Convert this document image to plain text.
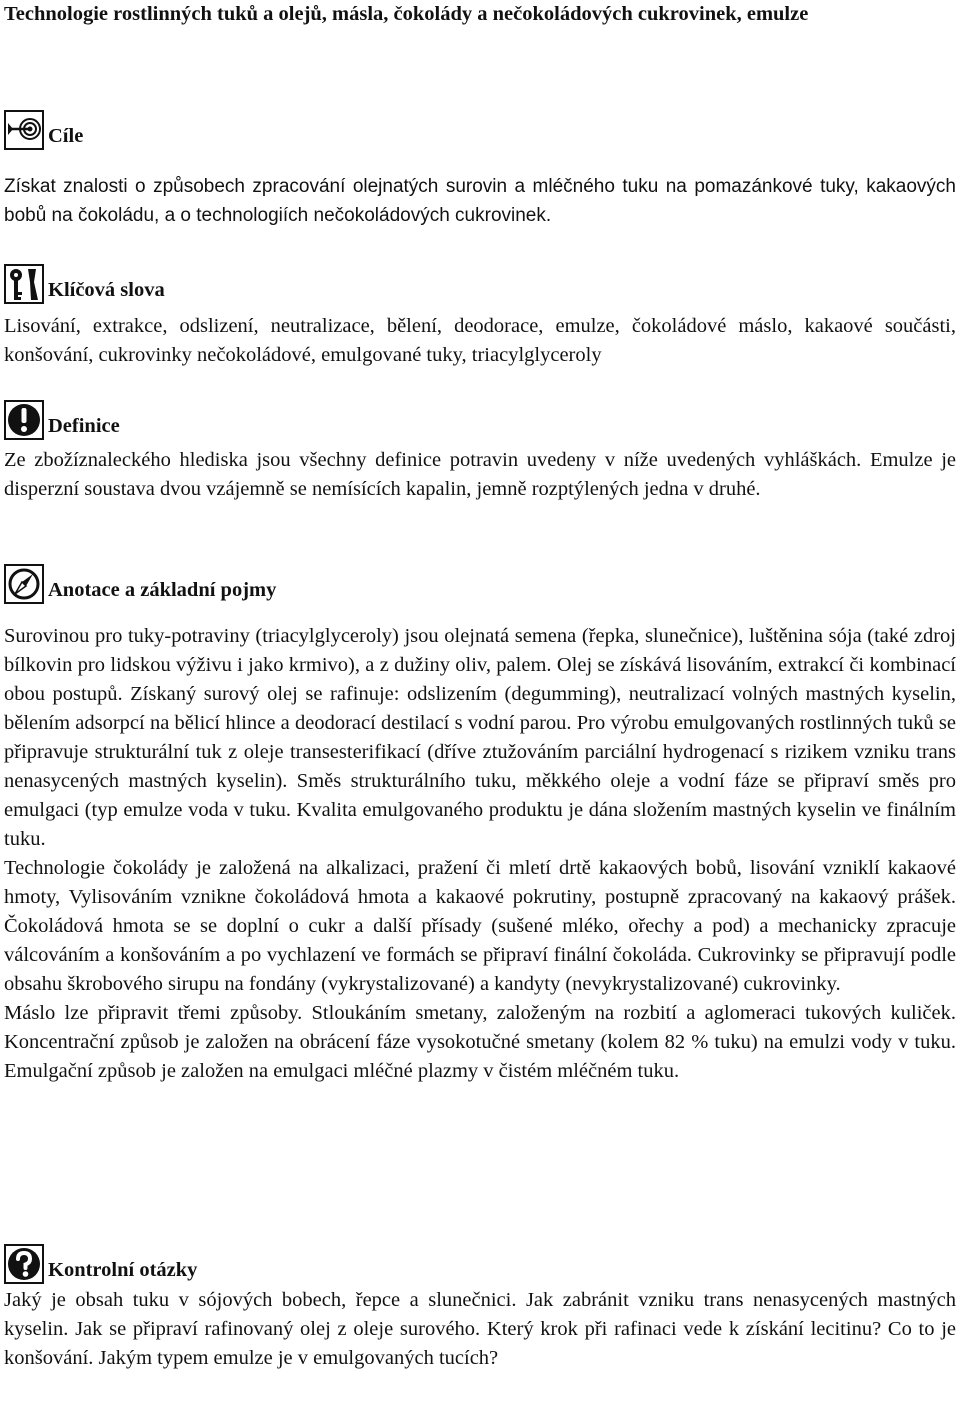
Technologie rostlinných tuků a olejů, másla, čokolády a nečokoládových cukrovinek, emulze
Cíle

Získat znalosti o způsobech zpracování olejnatých surovin a mléčného tuku na pomazánkové tuky, kakaových bobů na čokoládu, a o technologiích nečokoládových cukrovinek.

Klíčová slova

Lisování, extrakce, odslizení, neutralizace, bělení, deodorace, emulze, čokoládové máslo, kakaové součásti, konšování, cukrovinky nečokoládové, emulgované tuky, triacylglyceroly

Definice

Ze zbožíznaleckého hlediska jsou všechny definice potravin uvedeny v níže uvedených vyhláškách. Emulze je disperzní soustava dvou vzájemně se nemísících kapalin, jemně rozptýlených jedna v druhé.

Anotace a základní pojmy

Surovinou pro tuky-potraviny (triacylglyceroly) jsou olejnatá semena (řepka, slunečnice), luštěnina sója (také zdroj bílkovin pro lidskou výživu i jako krmivo), a z dužiny oliv, palem. Olej se získává lisováním, extrakcí či kombinací obou postupů. Získaný surový olej se rafinuje: odslizením (degumming), neutralizací volných mastných kyselin, bělením adsorpcí na bělicí hlince a deodorací destilací s vodní parou. Pro výrobu emulgovaných rostlinných tuků se připravuje strukturální tuk z oleje transesterifikací (dříve ztužováním parciální hydrogenací s rizikem vzniku trans nenasycených mastných kyselin). Směs strukturálního tuku, měkkého oleje a vodní fáze se připraví směs pro emulgaci (typ emulze voda v tuku. Kvalita emulgovaného produktu je dána složením mastných kyselin ve finálním tuku.

Technologie čokolády je založená na alkalizaci, pražení či mletí drtě kakaových bobů, lisování vzniklí kakaové hmoty, Vylisováním vznikne čokoládová hmota a kakaové pokrutiny, postupně zpracovaný na kakaový prášek. Čokoládová hmota se se doplní o cukr a další přísady (sušené mléko, ořechy a pod) a mechanicky zpracuje válcováním a konšováním a po vychlazení ve formách se připraví finální čokoláda. Cukrovinky se připravují podle obsahu škrobového sirupu na fondány (vykrystalizované) a kandyty (nevykrystalizované) cukrovinky.

Máslo lze připravit třemi způsoby. Stloukáním smetany, založeným na rozbití a aglomeraci tukových kuliček. Koncentrační způsob je založen na obrácení fáze vysokotučné smetany (kolem 82 % tuku) na emulzi vody v tuku. Emulgační způsob je založen na emulgaci mléčné plazmy v čistém mléčném tuku.

Kontrolní otázky

Jaký je obsah tuku v sójových bobech, řepce a slunečnici. Jak zabránit vzniku trans nenasycených mastných kyselin. Jak se připraví rafinovaný olej z oleje surového. Který krok při rafinaci vede k získání lecitinu? Co to je konšování. Jakým typem emulze je v emulgovaných tucích?
